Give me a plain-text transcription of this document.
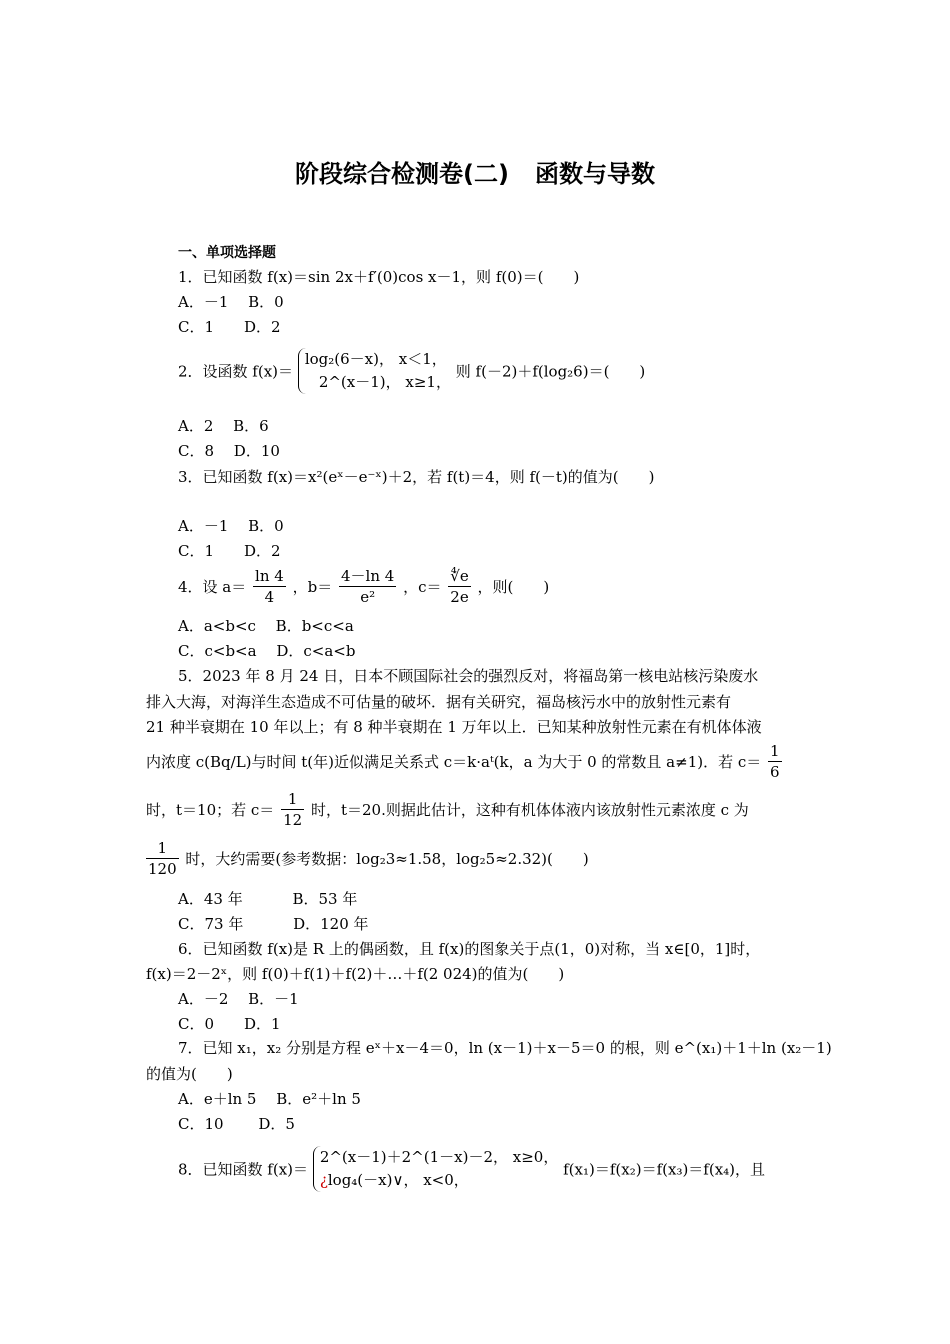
阶段综合检测卷(二) 函数与导数
一、单项选择题
1．已知函数 f(x)＝sin 2x＋f′(0)cos x－1，则 f(0)＝(　　)
A．－1　 B．0
C．1　　D．2
2．设函数 f(x)＝
log₂(6－x)， x＜1，
2^(x－1)， x≥1，
则 f(－2)＋f(log₂6)＝(　　)
A．2　 B．6
C．8　 D．10
3．已知函数 f(x)＝x²(eˣ－e⁻ˣ)＋2，若 f(t)＝4，则 f(－t)的值为(　　)
A．－1　 B．0
C．1　　D．2
4．设 $a= \frac{\ln 4}{4}$ ，$b= \frac{4-\ln 4}{\text{e²}}$ ，$c= \frac{∜e}{2e}$ ，则(　　)
A．a<b<c　 B．b<c<a
C．c<b<a　 D．c<a<b
5．2023 年 8 月 24 日，日本不顾国际社会的强烈反对，将福岛第一核电站核污染废水
排入大海，对海洋生态造成不可估量的破坏．据有关研究，福岛核污水中的放射性元素有
21 种半衰期在 10 年以上；有 8 种半衰期在 1 万年以上．已知某种放射性元素在有机体体液
内浓度 c(Bq/L)与时间 t(年)近似满足关系式 c＝k·aᵗ(k，a 为大于 0 的常数且 a≠1)．若 $c= \frac{1}{6}$
时，t＝10；若 $c= \frac{1}{12}$ 时，t＝20.则据此估计，这种有机体体液内该放射性元素浓度 c 为
$\frac{1}{120}$ 时，大约需要(参考数据：log₂3≈1.58，log₂5≈2.32)(　　)
A．43 年　　　 B．53 年
C．73 年　　　 D．120 年
6．已知函数 f(x)是 R 上的偶函数，且 f(x)的图象关于点(1，0)对称，当 x∈[0，1]时，
f(x)＝2－2ˣ，则 f(0)＋f(1)＋f(2)＋…＋f(2 024)的值为(　　)
A．－2　 B．－1
C．0　　D．1
7．已知 x₁，x₂ 分别是方程 eˣ＋x－4＝0，ln (x－1)＋x－5＝0 的根，则 e^(x₁)＋1＋ln (x₂－1)
的值为(　　)
A．e＋ln 5　 B．e²＋ln 5
C．10　　 D．5
8．已知函数 f(x)＝
2^(x－1)＋2^(1－x)－2， x≥0，
¿log₄(－x)∨， x<0，
f(x₁)＝f(x₂)＝f(x₃)＝f(x₄)，且
